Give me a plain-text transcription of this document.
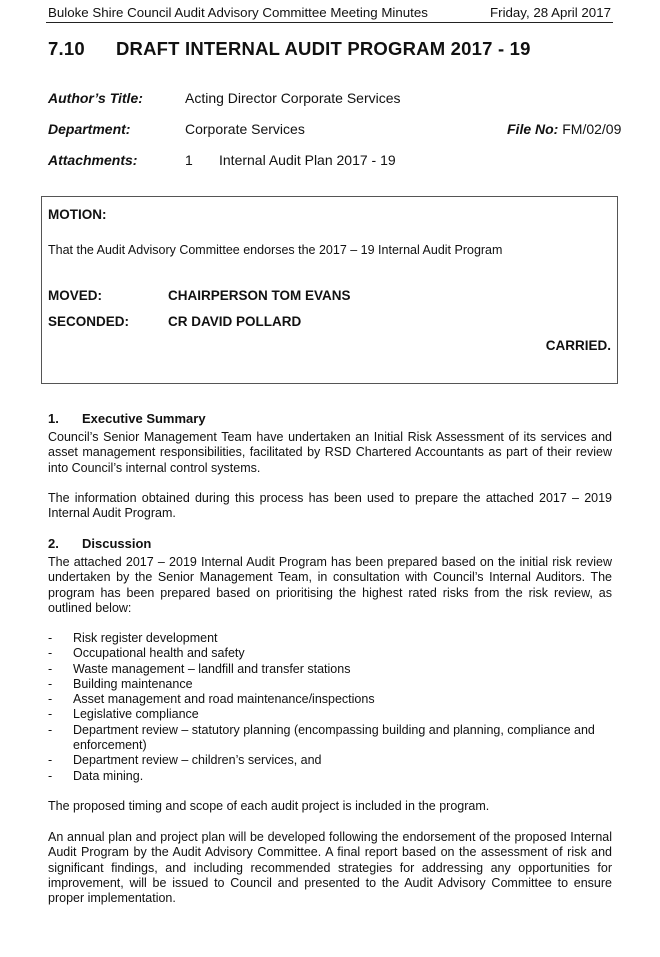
Buloke Shire Council Audit Advisory Committee Meeting Minutes	Friday, 28 April 2017
7.10 DRAFT INTERNAL AUDIT PROGRAM 2017 - 19
Author’s Title:	Acting Director Corporate Services
Department:	Corporate Services	File No: FM/02/09
Attachments:	1 Internal Audit Plan 2017 - 19
MOTION:
That the Audit Advisory Committee endorses the 2017 – 19 Internal Audit Program
MOVED:	CHAIRPERSON TOM EVANS
SECONDED:	CR DAVID POLLARD
CARRIED.
1. Executive Summary

Council’s Senior Management Team have undertaken an Initial Risk Assessment of its services and asset management responsibilities, facilitated by RSD Chartered Accountants as part of their review into Council’s internal control systems.

The information obtained during this process has been used to prepare the attached 2017 – 2019 Internal Audit Program.

2. Discussion

The attached 2017 – 2019 Internal Audit Program has been prepared based on the initial risk review undertaken by the Senior Management Team, in consultation with Council’s Internal Auditors. The program has been prepared based on prioritising the highest rated risks from the risk review, as outlined below:

- Risk register development
- Occupational health and safety
- Waste management – landfill and transfer stations
- Building maintenance
- Asset management and road maintenance/inspections
- Legislative compliance
- Department review – statutory planning (encompassing building and planning, compliance and enforcement)
- Department review – children’s services, and
- Data mining.

The proposed timing and scope of each audit project is included in the program.

An annual plan and project plan will be developed following the endorsement of the proposed Internal Audit Program by the Audit Advisory Committee. A final report based on the assessment of risk and significant findings, and including recommended strategies for addressing any opportunities for improvement, will be issued to Council and presented to the Audit Advisory Committee to ensure proper implementation.
